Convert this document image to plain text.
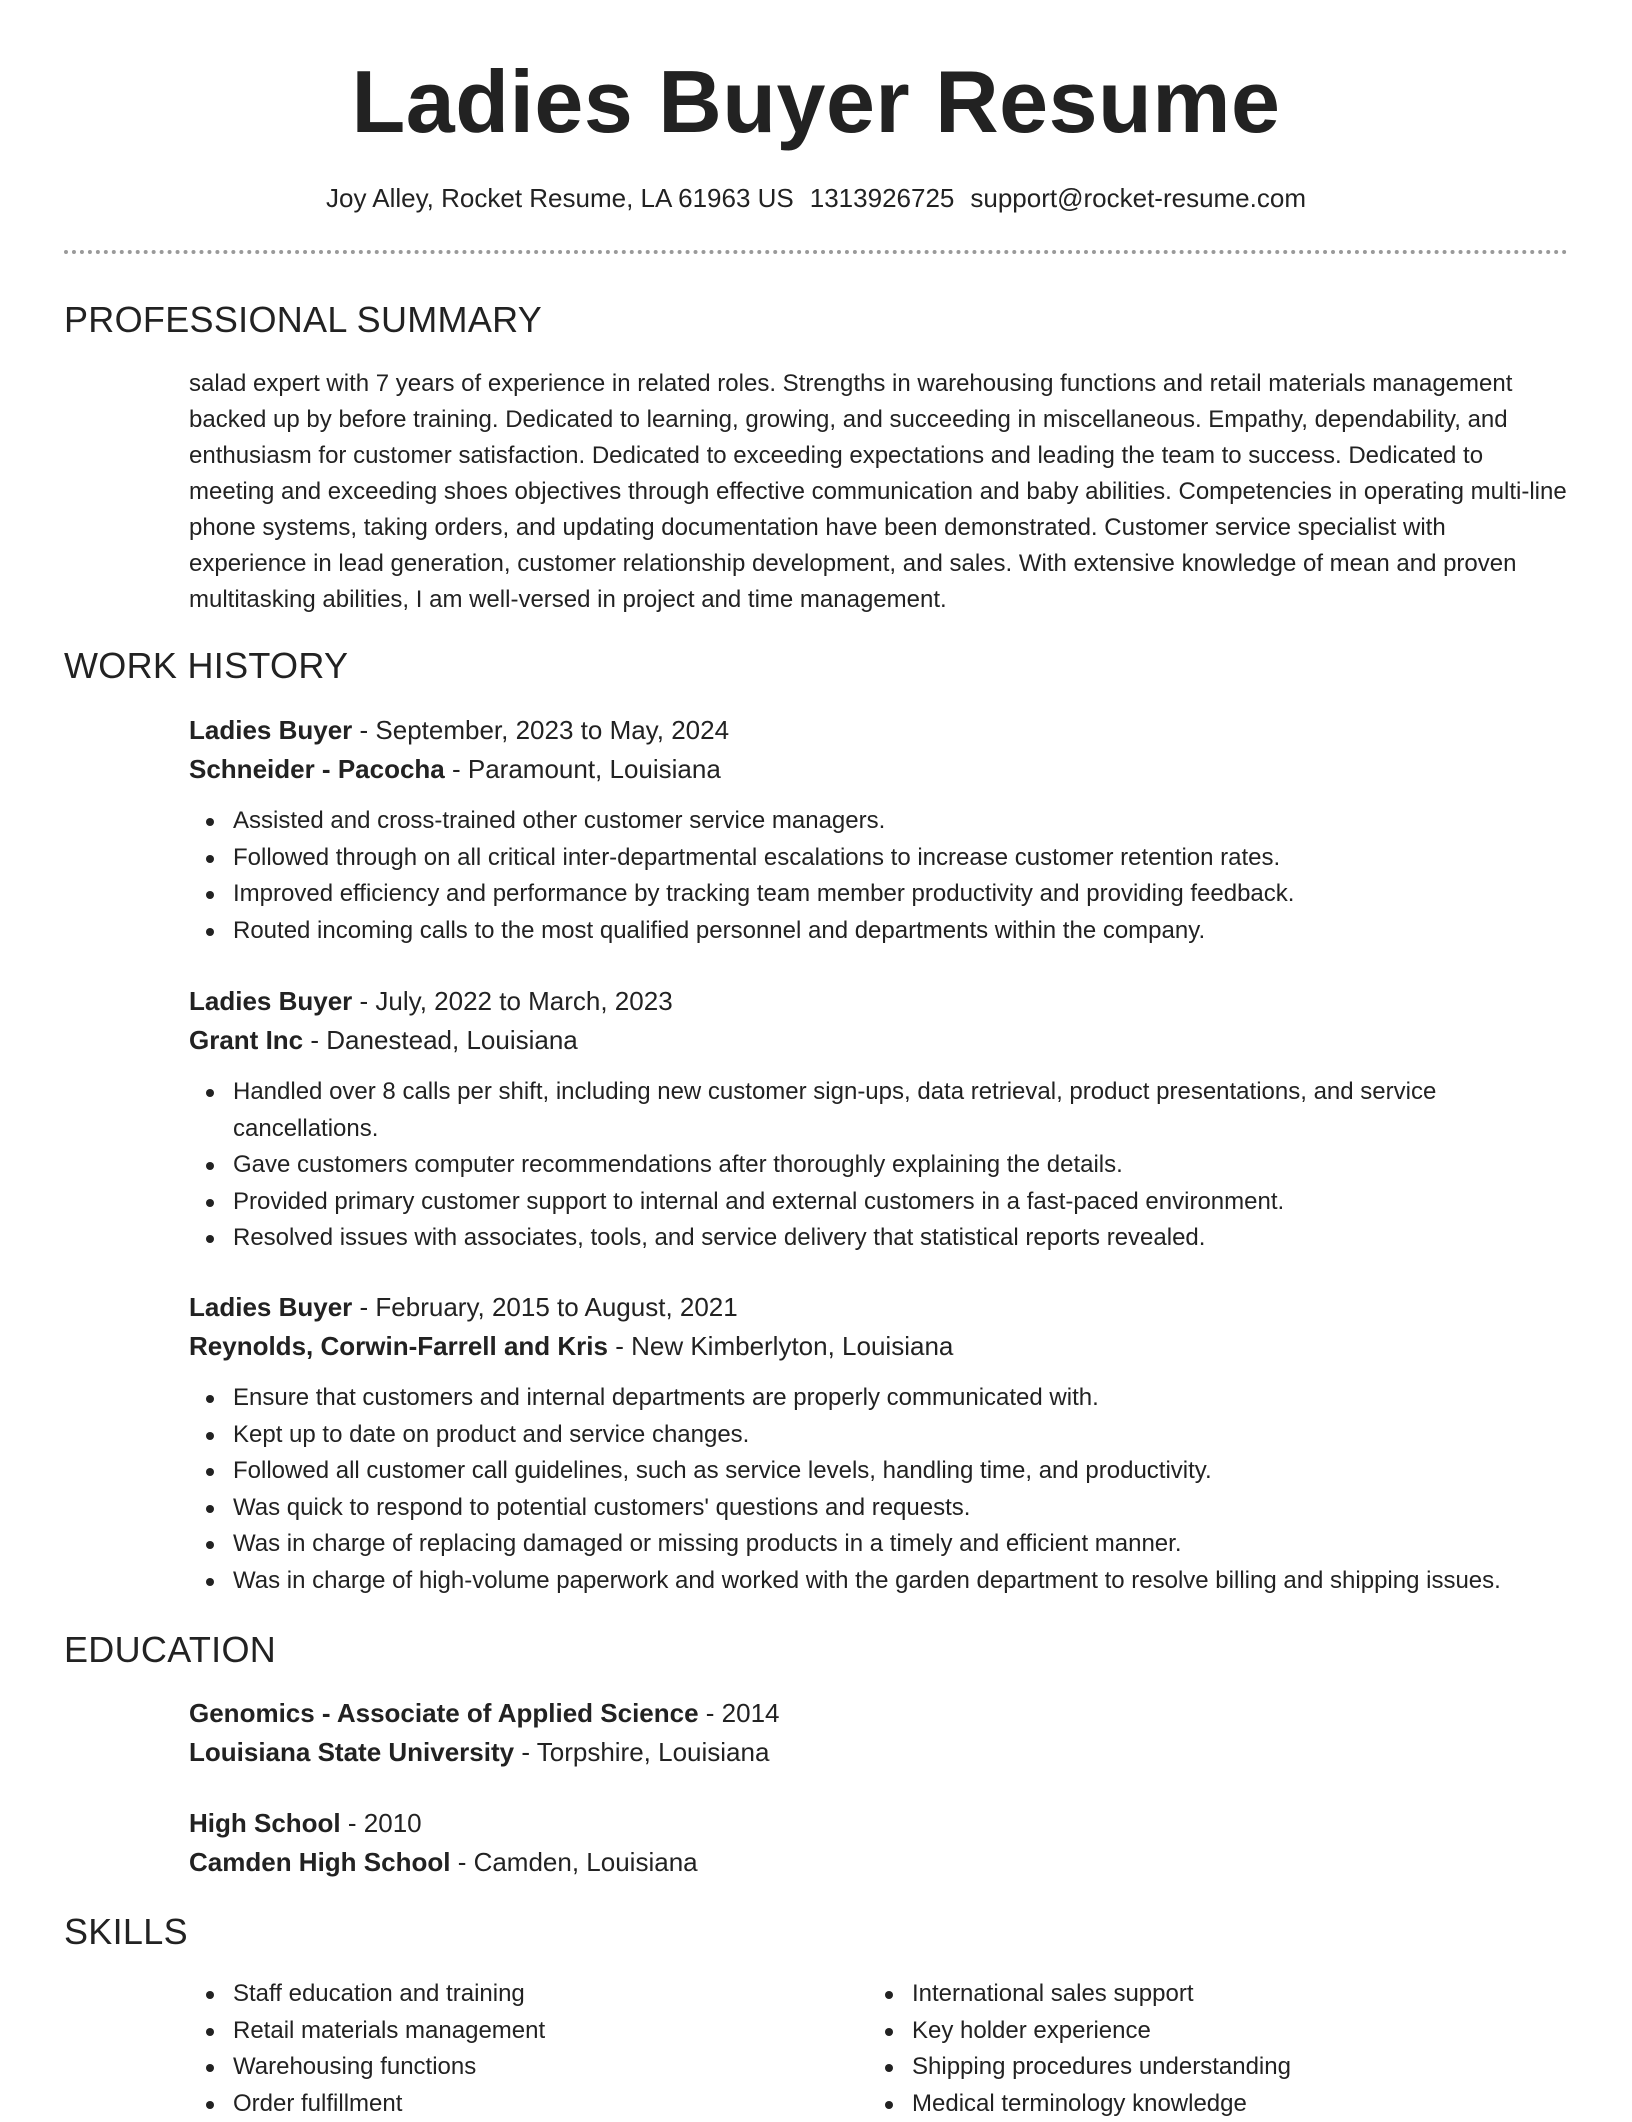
Ladies Buyer Resume
Joy Alley, Rocket Resume, LA 61963 US 1313926725 support@rocket-resume.com
PROFESSIONAL SUMMARY

salad expert with 7 years of experience in related roles. Strengths in warehousing functions and retail materials management backed up by before training. Dedicated to learning, growing, and succeeding in miscellaneous. Empathy, dependability, and enthusiasm for customer satisfaction. Dedicated to exceeding expectations and leading the team to success. Dedicated to meeting and exceeding shoes objectives through effective communication and baby abilities. Competencies in operating multi-line phone systems, taking orders, and updating documentation have been demonstrated. Customer service specialist with experience in lead generation, customer relationship development, and sales. With extensive knowledge of mean and proven multitasking abilities, I am well-versed in project and time management.

WORK HISTORY
Ladies Buyer - September, 2023 to May, 2024
Schneider - Pacocha - Paramount, Louisiana
Assisted and cross-trained other customer service managers.
Followed through on all critical inter-departmental escalations to increase customer retention rates.
Improved efficiency and performance by tracking team member productivity and providing feedback.
Routed incoming calls to the most qualified personnel and departments within the company.
Ladies Buyer - July, 2022 to March, 2023
Grant Inc - Danestead, Louisiana
Handled over 8 calls per shift, including new customer sign-ups, data retrieval, product presentations, and service cancellations.
Gave customers computer recommendations after thoroughly explaining the details.
Provided primary customer support to internal and external customers in a fast-paced environment.
Resolved issues with associates, tools, and service delivery that statistical reports revealed.
Ladies Buyer - February, 2015 to August, 2021
Reynolds, Corwin-Farrell and Kris - New Kimberlyton, Louisiana
Ensure that customers and internal departments are properly communicated with.
Kept up to date on product and service changes.
Followed all customer call guidelines, such as service levels, handling time, and productivity.
Was quick to respond to potential customers' questions and requests.
Was in charge of replacing damaged or missing products in a timely and efficient manner.
Was in charge of high-volume paperwork and worked with the garden department to resolve billing and shipping issues.
EDUCATION
Genomics - Associate of Applied Science - 2014
Louisiana State University - Torpshire, Louisiana
High School - 2010
Camden High School - Camden, Louisiana
SKILLS
Staff education and training
Retail materials management
Warehousing functions
Order fulfillment
International sales support
Key holder experience
Shipping procedures understanding
Medical terminology knowledge
